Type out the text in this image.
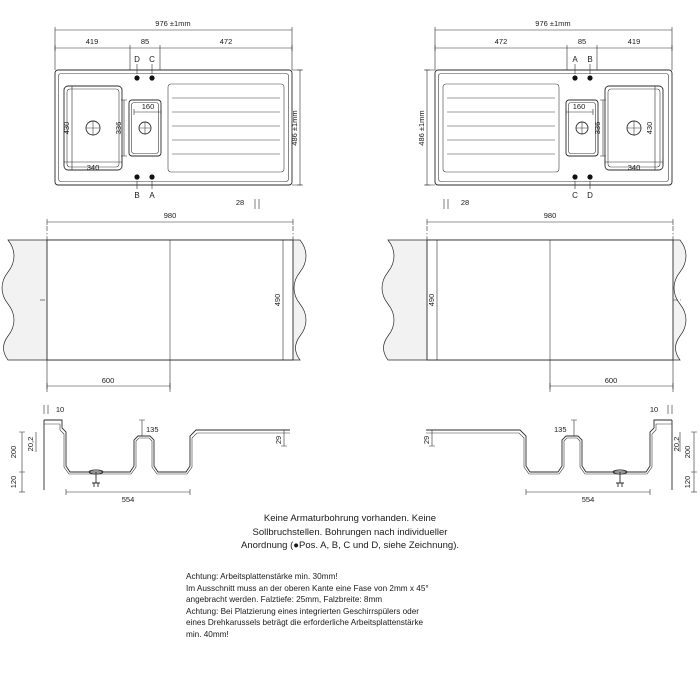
976 ±1mm
419	85	472
D C
B A
486 ±1mm
430	336
160
340
28
976 ±1mm
472	85	419
A B
C D
486 ±1mm	430
336
160
340
28
980
490
600
980
490
600
10
200
20,2
120
135
29
554
10
200
20,2
120
135
29
554
Keine Armaturbohrung vorhanden. Keine
Sollbruchstellen. Bohrungen nach individueller
Anordnung (●Pos. A, B, C und D, siehe Zeichnung).
Achtung: Arbeitsplattenstärke min. 30mm!
Im Ausschnitt muss an der oberen Kante eine Fase von 2mm x 45°
angebracht werden. Falztiefe: 25mm, Falzbreite: 8mm
Achtung: Bei Platzierung eines integrierten Geschirrspülers oder
eines Drehkarussels beträgt die erforderliche Arbeitsplattenstärke
min. 40mm!
